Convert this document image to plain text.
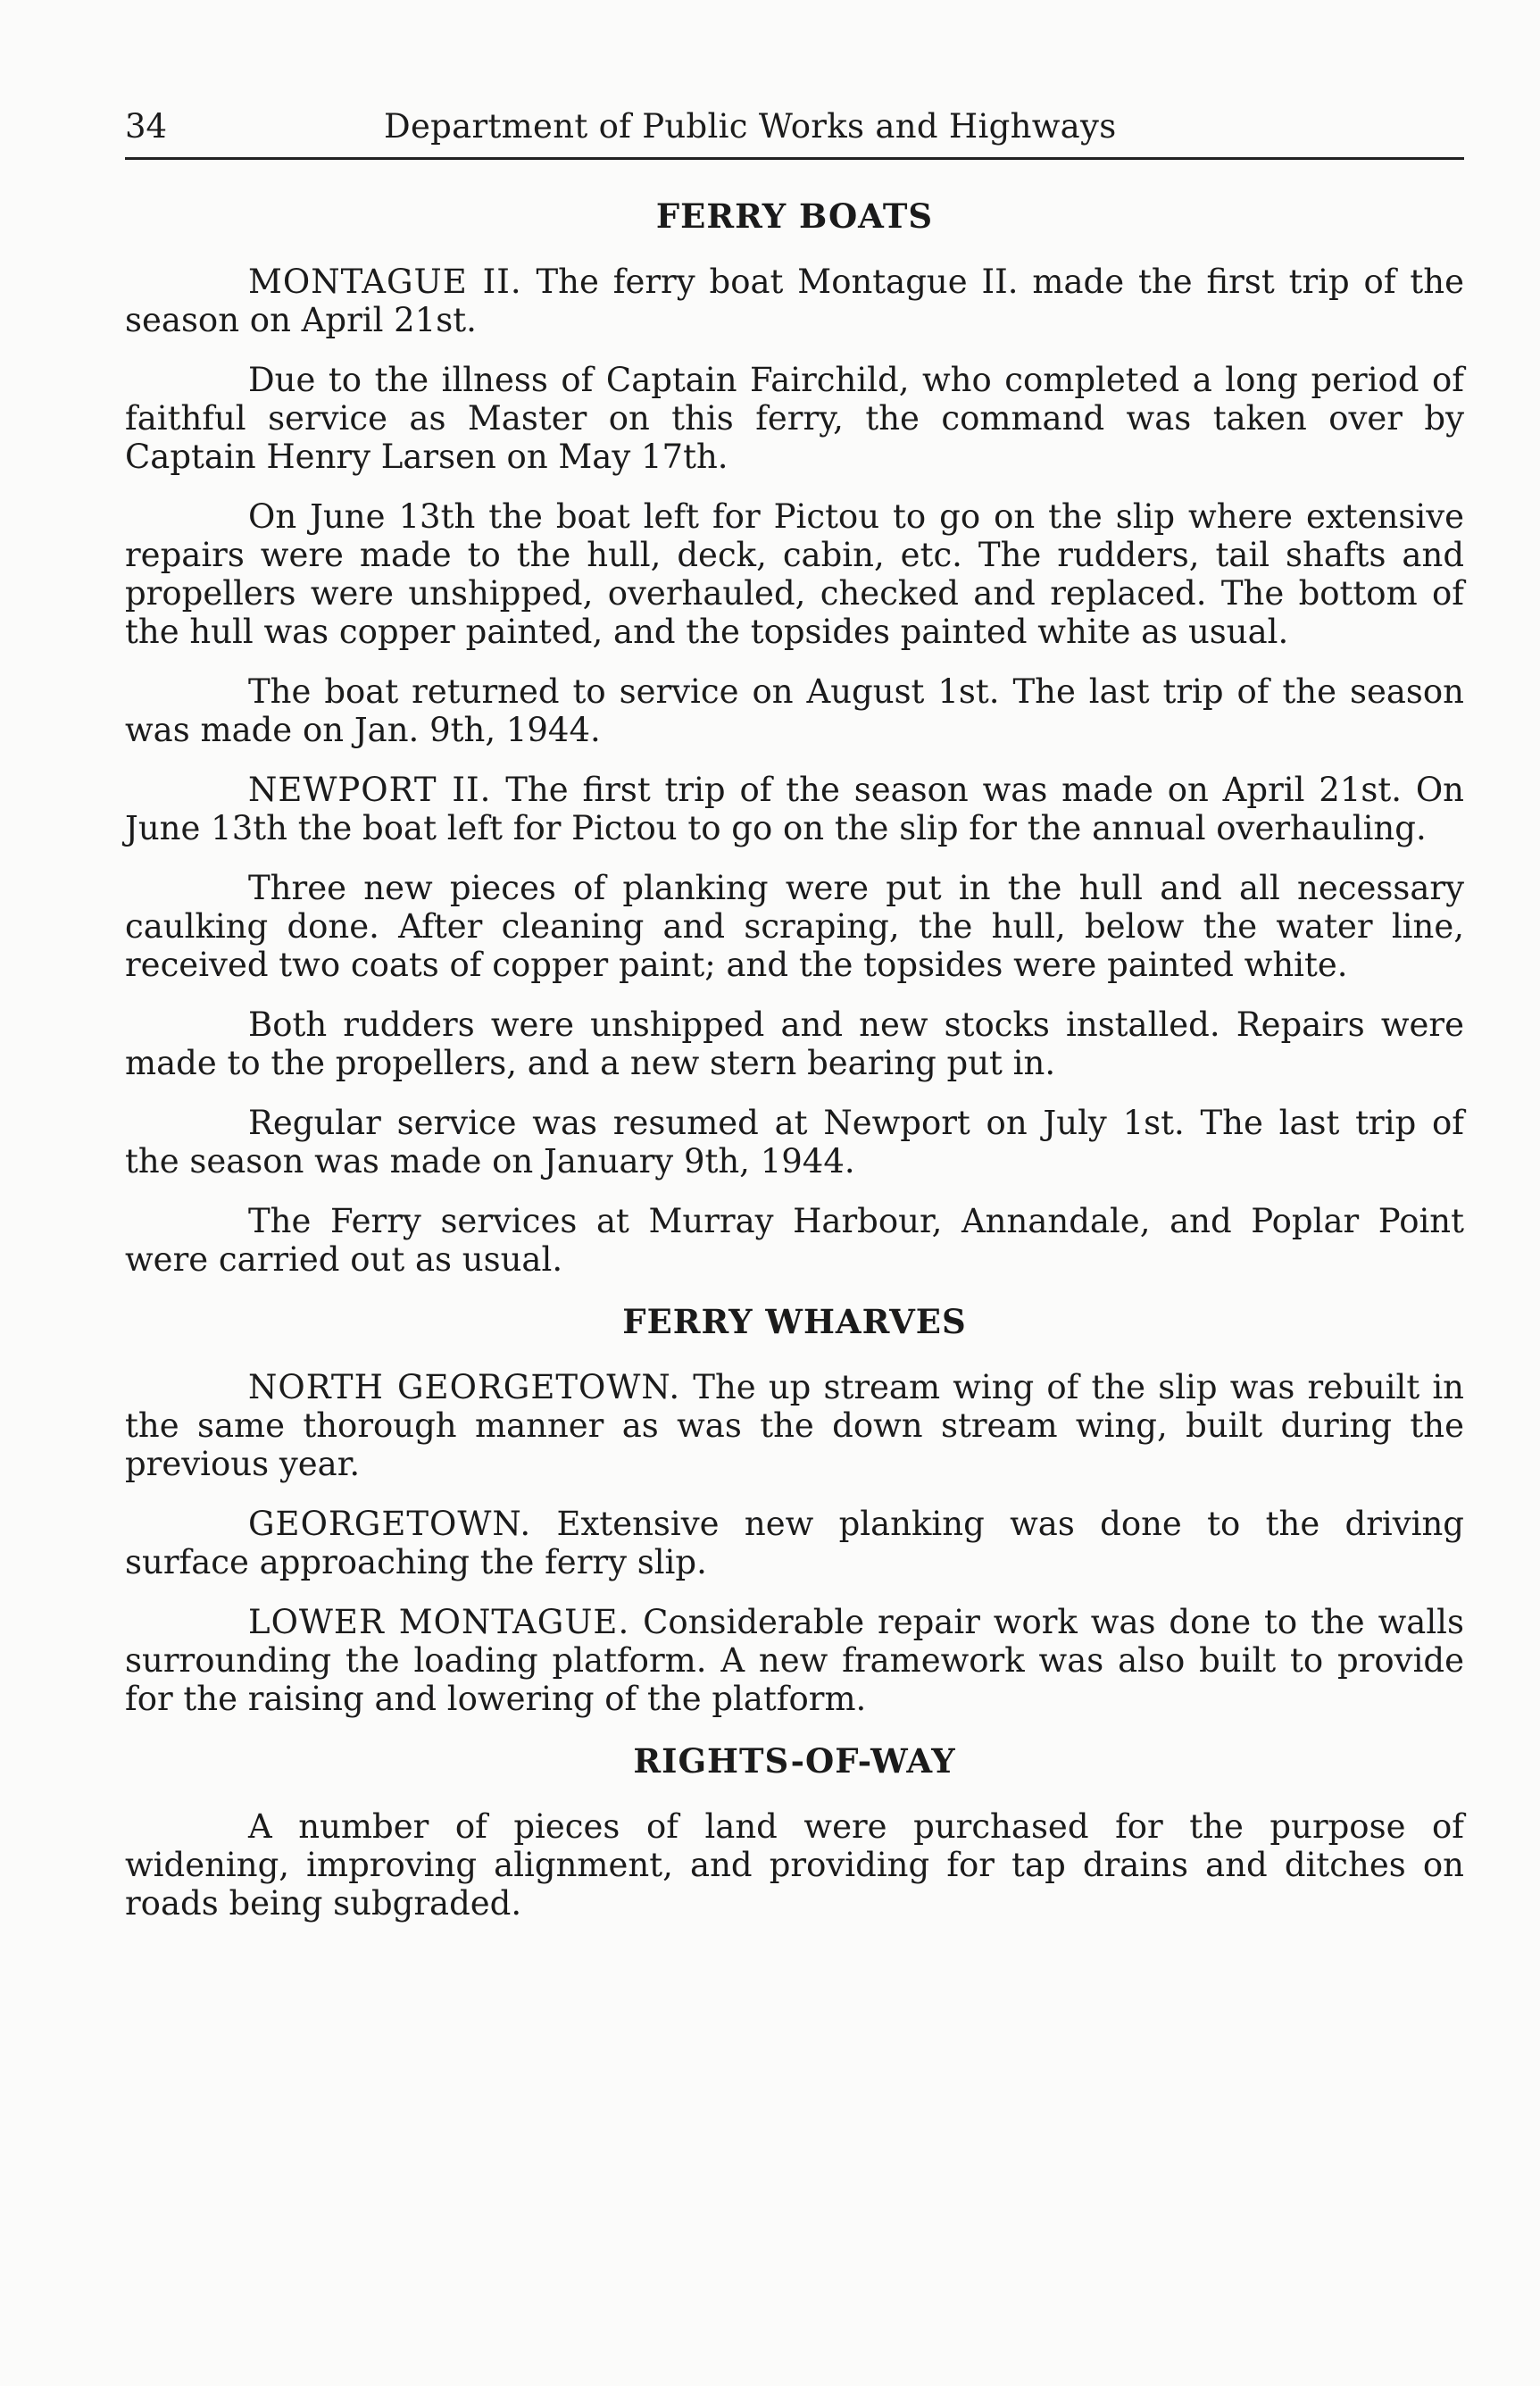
34	Department of Public Works and Highways
FERRY BOATS

MONTAGUE II. The ferry boat Montague II. made the first trip of the season on April 21st.

Due to the illness of Captain Fairchild, who completed a long period of faithful service as Master on this ferry, the command was taken over by Captain Henry Larsen on May 17th.

On June 13th the boat left for Pictou to go on the slip where extensive repairs were made to the hull, deck, cabin, etc. The rudders, tail shafts and propellers were unshipped, overhauled, checked and replaced. The bottom of the hull was copper painted, and the topsides painted white as usual.

The boat returned to service on August 1st. The last trip of the season was made on Jan. 9th, 1944.

NEWPORT II. The first trip of the season was made on April 21st. On June 13th the boat left for Pictou to go on the slip for the annual overhauling.

Three new pieces of planking were put in the hull and all necessary caulking done. After cleaning and scraping, the hull, below the water line, received two coats of copper paint; and the topsides were painted white.

Both rudders were unshipped and new stocks installed. Repairs were made to the propellers, and a new stern bearing put in.

Regular service was resumed at Newport on July 1st. The last trip of the season was made on January 9th, 1944.

The Ferry services at Murray Harbour, Annandale, and Poplar Point were carried out as usual.

FERRY WHARVES

NORTH GEORGETOWN. The up stream wing of the slip was rebuilt in the same thorough manner as was the down stream wing, built during the previous year.

GEORGETOWN. Extensive new planking was done to the driving surface approaching the ferry slip.

LOWER MONTAGUE. Considerable repair work was done to the walls surrounding the loading platform. A new framework was also built to provide for the raising and lowering of the platform.

RIGHTS-OF-WAY

A number of pieces of land were purchased for the purpose of widening, improving alignment, and providing for tap drains and ditches on roads being subgraded.
